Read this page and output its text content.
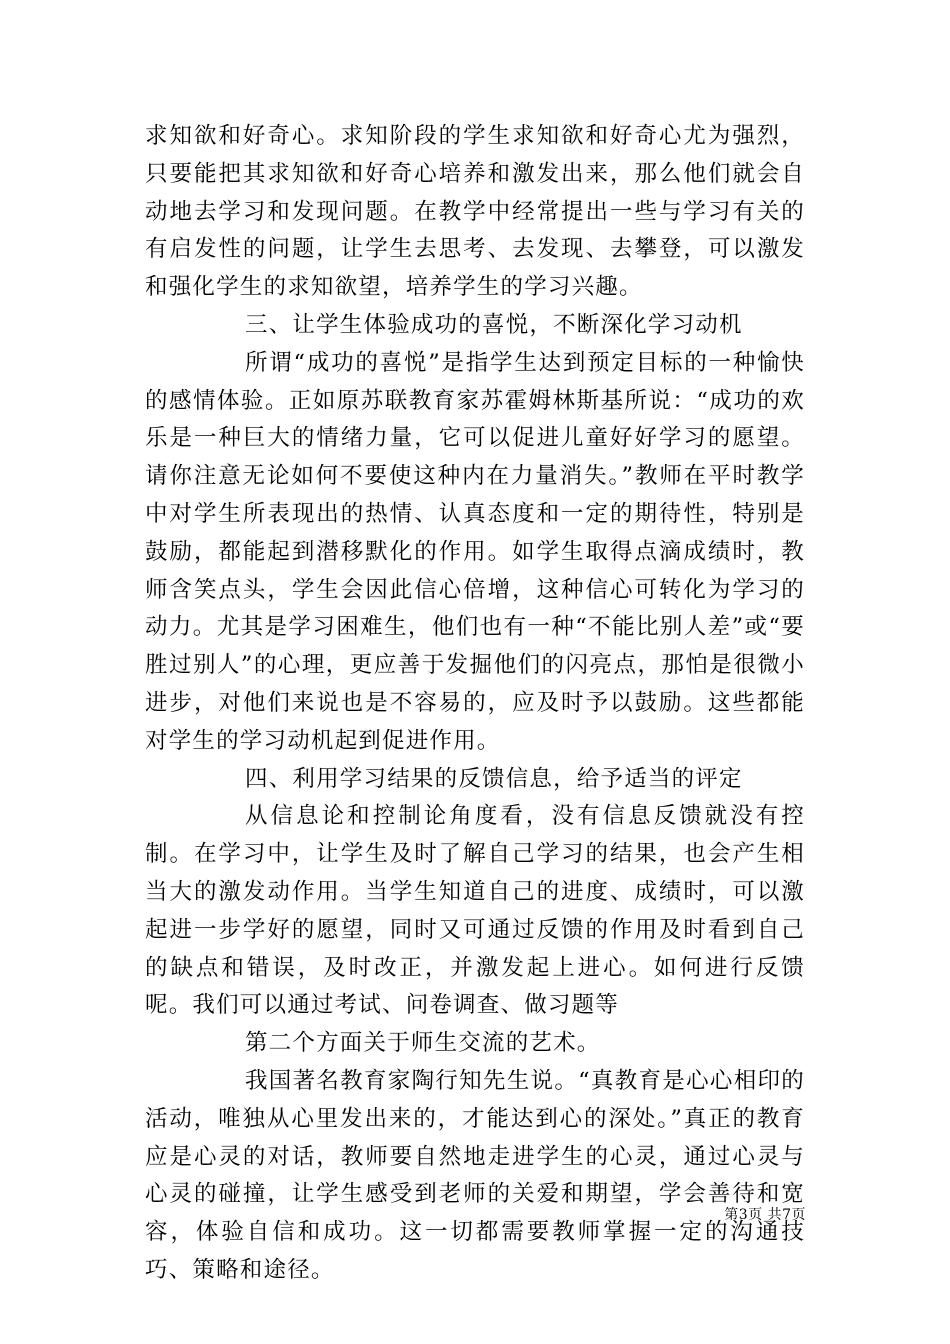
求知欲和好奇心。求知阶段的学生求知欲和好奇心尤为强烈，只要能把其求知欲和好奇心培养和激发出来，那么他们就会自动地去学习和发现问题。在教学中经常提出一些与学习有关的有启发性的问题，让学生去思考、去发现、去攀登，可以激发和强化学生的求知欲望，培养学生的学习兴趣。

三、让学生体验成功的喜悦，不断深化学习动机

所谓“成功的喜悦”是指学生达到预定目标的一种愉快的感情体验。正如原苏联教育家苏霍姆林斯基所说：“成功的欢乐是一种巨大的情绪力量，它可以促进儿童好好学习的愿望。请你注意无论如何不要使这种内在力量消失。”教师在平时教学中对学生所表现出的热情、认真态度和一定的期待性，特别是鼓励，都能起到潜移默化的作用。如学生取得点滴成绩时，教师含笑点头，学生会因此信心倍增，这种信心可转化为学习的动力。尤其是学习困难生，他们也有一种“不能比别人差”或“要胜过别人”的心理，更应善于发掘他们的闪亮点，那怕是很微小进步，对他们来说也是不容易的，应及时予以鼓励。这些都能对学生的学习动机起到促进作用。

四、利用学习结果的反馈信息，给予适当的评定

从信息论和控制论角度看，没有信息反馈就没有控制。在学习中，让学生及时了解自己学习的结果，也会产生相当大的激发动作用。当学生知道自己的进度、成绩时，可以激起进一步学好的愿望，同时又可通过反馈的作用及时看到自己的缺点和错误，及时改正，并激发起上进心。如何进行反馈呢。我们可以通过考试、问卷调查、做习题等

第二个方面关于师生交流的艺术。

我国著名教育家陶行知先生说。“真教育是心心相印的活动，唯独从心里发出来的，才能达到心的深处。”真正的教育应是心灵的对话，教师要自然地走进学生的心灵，通过心灵与心灵的碰撞，让学生感受到老师的关爱和期望，学会善待和宽容，体验自信和成功。这一切都需要教师掌握一定的沟通技巧、策略和途径。

第3页 共7页
